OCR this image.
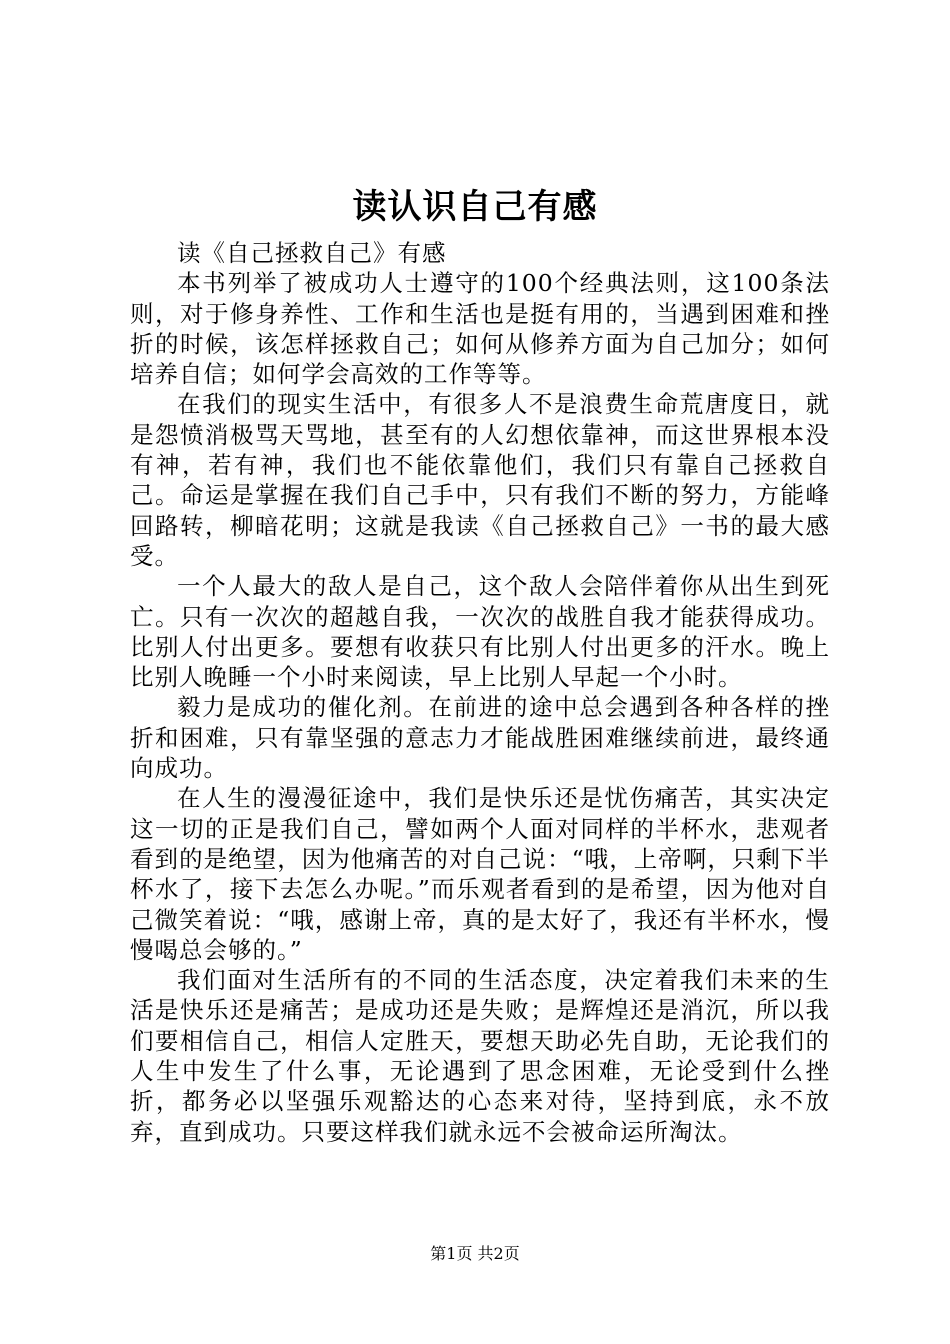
读认识自己有感

读《自己拯救自己》有感

本书列举了被成功人士遵守的100个经典法则，这100条法则，对于修身养性、工作和生活也是挺有用的，当遇到困难和挫折的时候，该怎样拯救自己；如何从修养方面为自己加分；如何培养自信；如何学会高效的工作等等。

在我们的现实生活中，有很多人不是浪费生命荒唐度日，就是怨愤消极骂天骂地，甚至有的人幻想依靠神，而这世界根本没有神，若有神，我们也不能依靠他们，我们只有靠自己拯救自己。命运是掌握在我们自己手中，只有我们不断的努力，方能峰回路转，柳暗花明；这就是我读《自己拯救自己》一书的最大感受。

一个人最大的敌人是自己，这个敌人会陪伴着你从出生到死亡。只有一次次的超越自我，一次次的战胜自我才能获得成功。比别人付出更多。要想有收获只有比别人付出更多的汗水。晚上比别人晚睡一个小时来阅读，早上比别人早起一个小时。

毅力是成功的催化剂。在前进的途中总会遇到各种各样的挫折和困难，只有靠坚强的意志力才能战胜困难继续前进，最终通向成功。

在人生的漫漫征途中，我们是快乐还是忧伤痛苦，其实决定这一切的正是我们自己，譬如两个人面对同样的半杯水，悲观者看到的是绝望，因为他痛苦的对自己说：“哦，上帝啊，只剩下半杯水了，接下去怎么办呢。”而乐观者看到的是希望，因为他对自己微笑着说：“哦，感谢上帝，真的是太好了，我还有半杯水，慢慢喝总会够的。”

我们面对生活所有的不同的生活态度，决定着我们未来的生活是快乐还是痛苦；是成功还是失败；是辉煌还是消沉，所以我们要相信自己，相信人定胜天，要想天助必先自助，无论我们的人生中发生了什么事，无论遇到了思念困难，无论受到什么挫折，都务必以坚强乐观豁达的心态来对待，坚持到底，永不放弃，直到成功。只要这样我们就永远不会被命运所淘汰。

第1页 共2页
